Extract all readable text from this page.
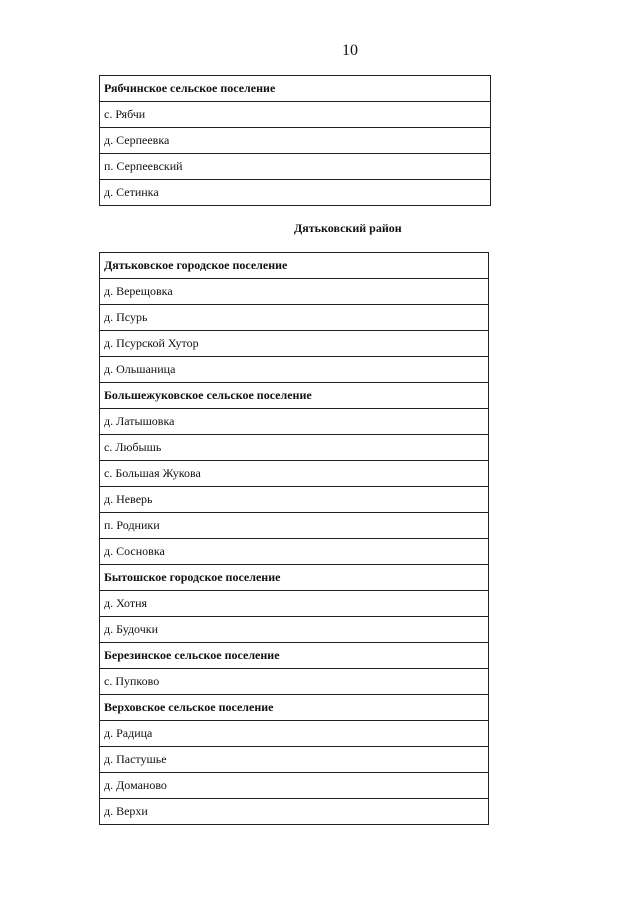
10
Рябчинское сельское поселение
с. Рябчи
д. Серпеевка
п. Серпеевский
д. Сетинка
Дятьковский район
Дятьковское городское поселение
д. Верещовка
д. Псурь
д. Псурской Хутор
д. Ольшаница
Большежуковское сельское поселение
д. Латышовка
с. Любышь
с. Большая Жукова
д. Неверь
п. Родники
д. Сосновка
Бытошское городское поселение
д. Хотня
д. Будочки
Березинское сельское поселение
с. Пупково
Верховское сельское поселение
д. Радица
д. Пастушье
д. Доманово
д. Верхи
